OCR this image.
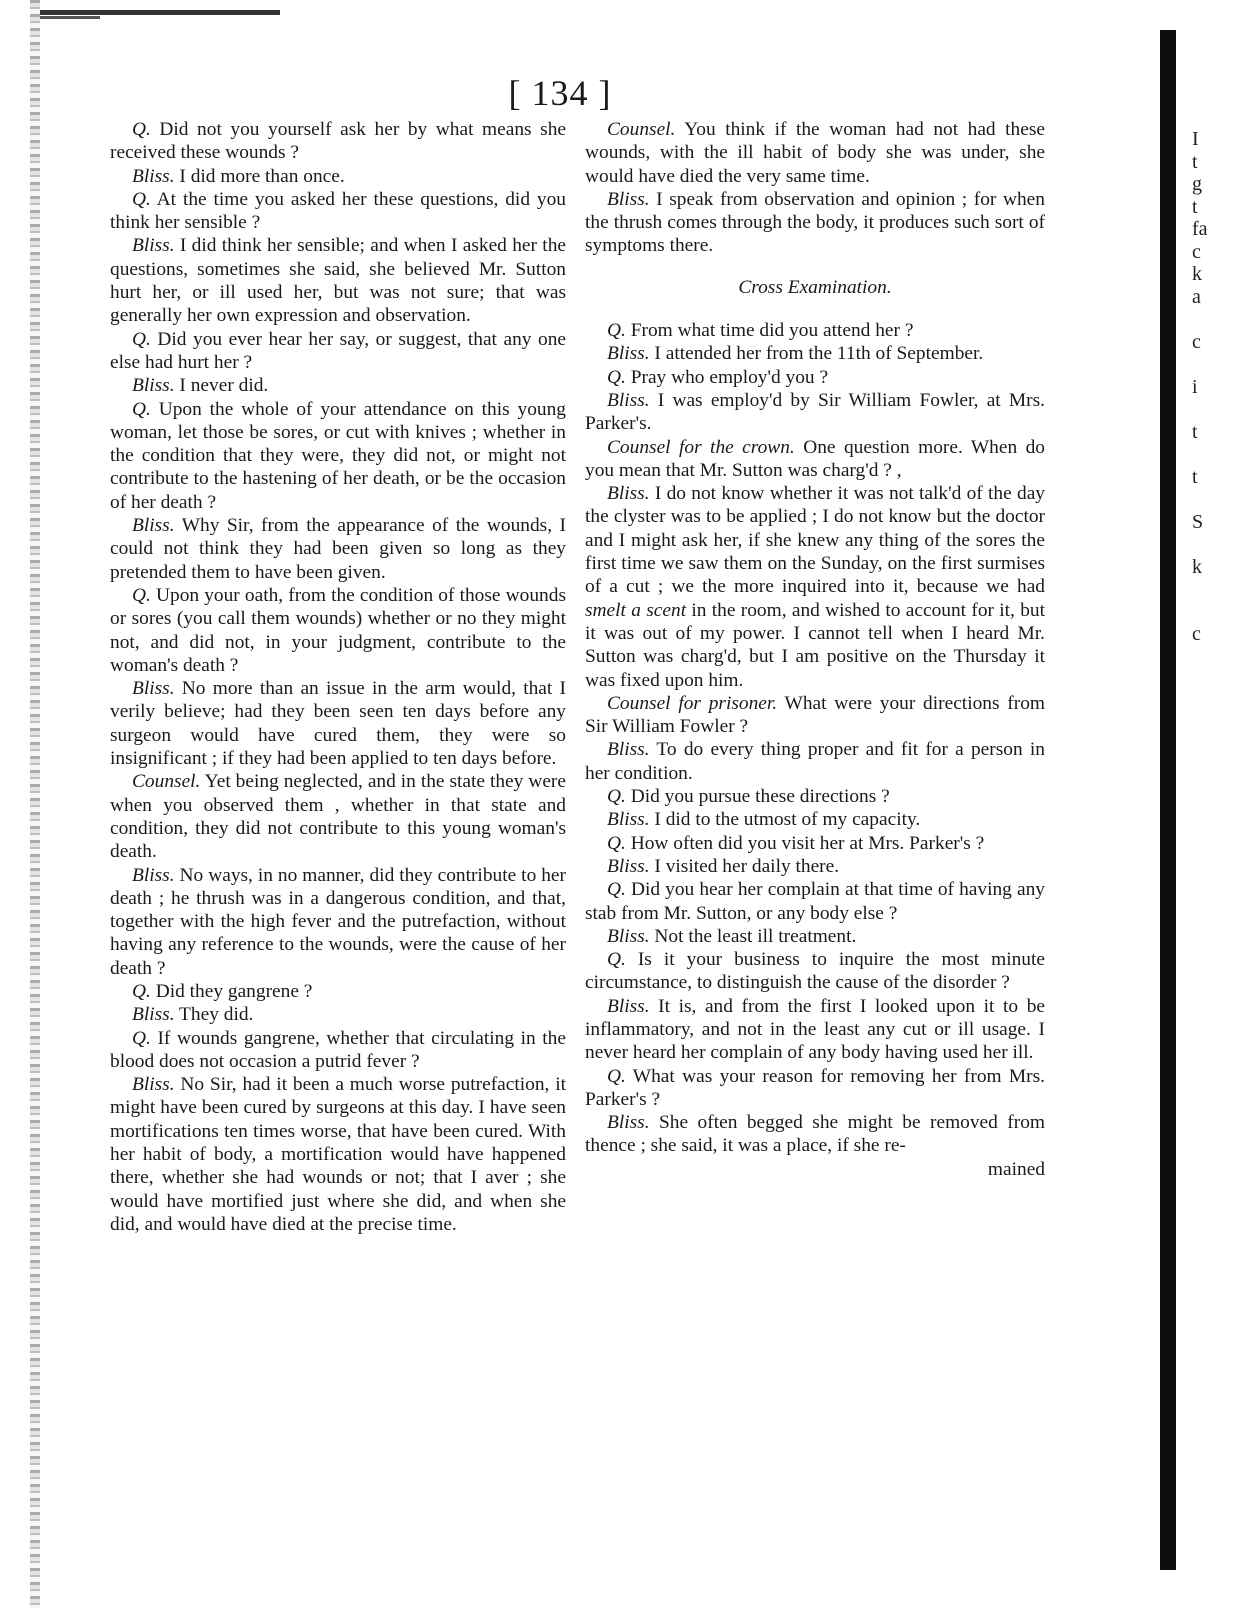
I
t
g
t
fa
c
k
a
c
i
t
t
S
k
c
[ 134 ]

Q. Did not you yourself ask her by what means she received these wounds ?

Bliss. I did more than once.

Q. At the time you asked her these questions, did you think her sensible ?

Bliss. I did think her sensible; and when I asked her the questions, sometimes she said, she believed Mr. Sutton hurt her, or ill used her, but was not sure; that was generally her own expression and observation.

Q. Did you ever hear her say, or suggest, that any one else had hurt her ?

Bliss. I never did.

Q. Upon the whole of your attendance on this young woman, let those be sores, or cut with knives ; whether in the condition that they were, they did not, or might not contribute to the hastening of her death, or be the occasion of her death ?

Bliss. Why Sir, from the appearance of the wounds, I could not think they had been given so long as they pretended them to have been given.

Q. Upon your oath, from the condition of those wounds or sores (you call them wounds) whether or no they might not, and did not, in your judgment, contribute to the woman's death ?

Bliss. No more than an issue in the arm would, that I verily believe; had they been seen ten days before any surgeon would have cured them, they were so insignificant ; if they had been applied to ten days before.

Counsel. Yet being neglected, and in the state they were when you observed them , whether in that state and condition, they did not contribute to this young woman's death.

Bliss. No ways, in no manner, did they contribute to her death ; he thrush was in a dangerous condition, and that, together with the high fever and the putrefaction, without having any reference to the wounds, were the cause of her death ?

Q. Did they gangrene ?

Bliss. They did.

Q. If wounds gangrene, whether that circulating in the blood does not occasion a putrid fever ?

Bliss. No Sir, had it been a much worse putrefaction, it might have been cured by surgeons at this day. I have seen mortifications ten times worse, that have been cured. With her habit of body, a mortification would have happened there, whether she had wounds or not; that I aver ; she would have mortified just where she did, and when she did, and would have died at the precise time.

Counsel. You think if the woman had not had these wounds, with the ill habit of body she was under, she would have died the very same time.

Bliss. I speak from observation and opinion ; for when the thrush comes through the body, it produces such sort of symptoms there.

Cross Examination.

Q. From what time did you attend her ?

Bliss. I attended her from the 11th of September.

Q. Pray who employ'd you ?

Bliss. I was employ'd by Sir William Fowler, at Mrs. Parker's.

Counsel for the crown. One question more. When do you mean that Mr. Sutton was charg'd ? ,

Bliss. I do not know whether it was not talk'd of the day the clyster was to be applied ; I do not know but the doctor and I might ask her, if she knew any thing of the sores the first time we saw them on the Sunday, on the first surmises of a cut ; we the more inquired into it, because we had smelt a scent in the room, and wished to account for it, but it was out of my power. I cannot tell when I heard Mr. Sutton was charg'd, but I am positive on the Thursday it was fixed upon him.

Counsel for prisoner. What were your directions from Sir William Fowler ?

Bliss. To do every thing proper and fit for a person in her condition.

Q. Did you pursue these directions ?

Bliss. I did to the utmost of my capacity.

Q. How often did you visit her at Mrs. Parker's ?

Bliss. I visited her daily there.

Q. Did you hear her complain at that time of having any stab from Mr. Sutton, or any body else ?

Bliss. Not the least ill treatment.

Q. Is it your business to inquire the most minute circumstance, to distinguish the cause of the disorder ?

Bliss. It is, and from the first I looked upon it to be inflammatory, and not in the least any cut or ill usage. I never heard her complain of any body having used her ill.

Q. What was your reason for removing her from Mrs. Parker's ?

Bliss. She often begged she might be removed from thence ; she said, it was a place, if she re-

mained
